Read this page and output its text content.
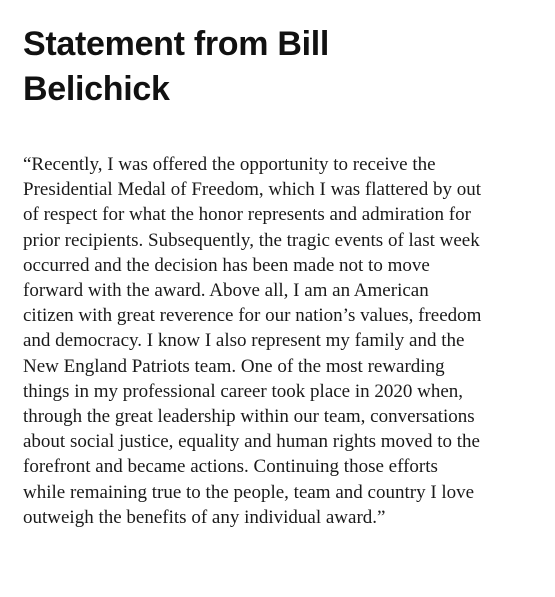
Statement from Bill Belichick

“Recently, I was offered the opportunity to receive the
Presidential Medal of Freedom, which I was flattered by out
of respect for what the honor represents and admiration for
prior recipients. Subsequently, the tragic events of last week
occurred and the decision has been made not to move
forward with the award. Above all, I am an American
citizen with great reverence for our nation’s values, freedom
and democracy. I know I also represent my family and the
New England Patriots team. One of the most rewarding
things in my professional career took place in 2020 when,
through the great leadership within our team, conversations
about social justice, equality and human rights moved to the
forefront and became actions. Continuing those efforts
while remaining true to the people, team and country I love
outweigh the benefits of any individual award.”
